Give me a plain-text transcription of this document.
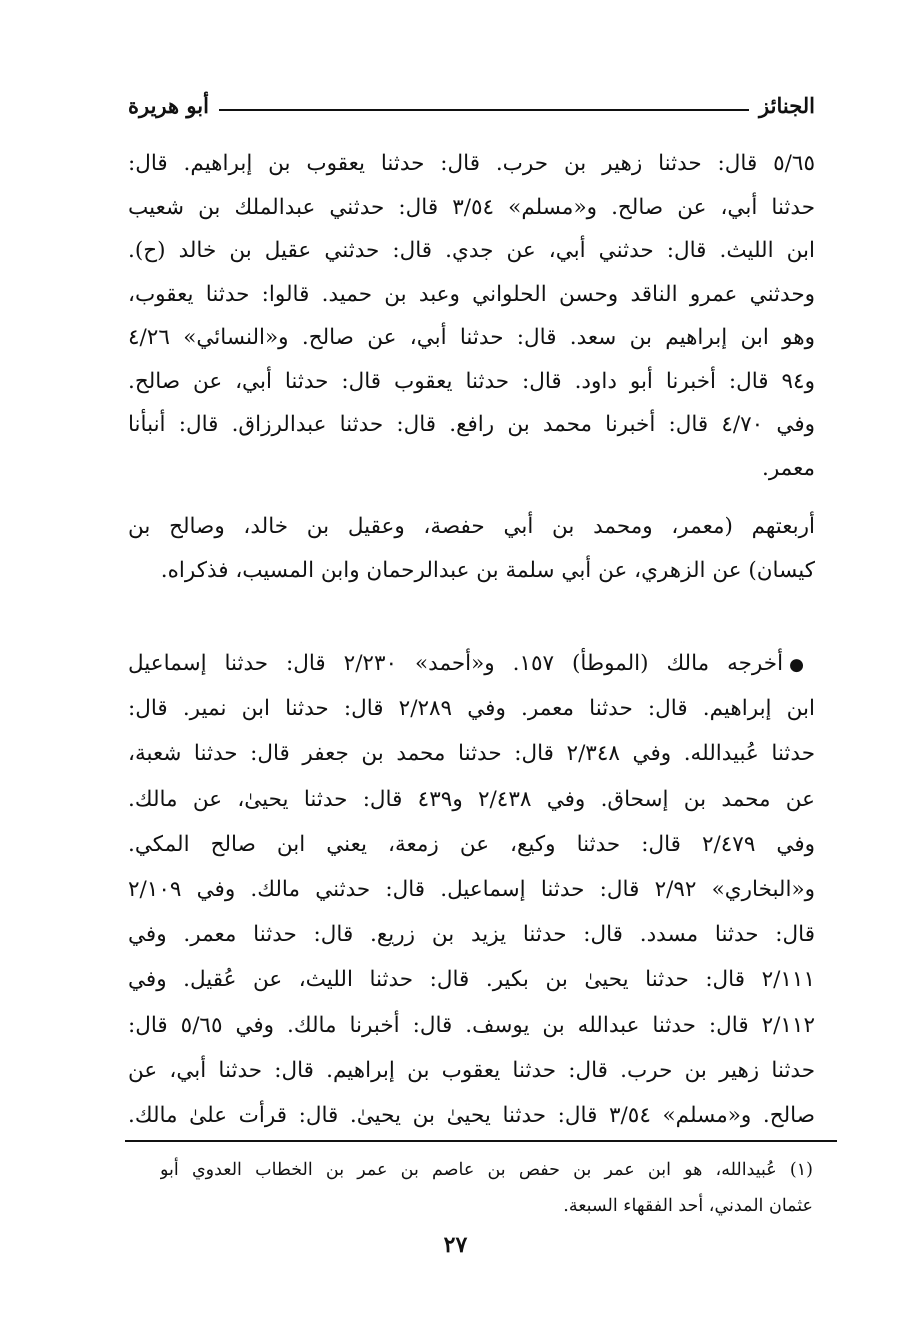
الجنائز
أبو هريرة
٥/٦٥ قال: حدثنا زهير بن حرب. قال: حدثنا يعقوب بن إبراهيم. قال:
حدثنا أبي، عن صالح. و«مسلم» ٣/٥٤ قال: حدثني عبدالملك بن شعيب
ابن الليث. قال: حدثني أبي، عن جدي. قال: حدثني عقيل بن خالد (ح).
وحدثني عمرو الناقد وحسن الحلواني وعبد بن حميد. قالوا: حدثنا يعقوب،
وهو ابن إبراهيم بن سعد. قال: حدثنا أبي، عن صالح. و«النسائي» ٤/٢٦
و٩٤ قال: أخبرنا أبو داود. قال: حدثنا يعقوب قال: حدثنا أبي، عن صالح.
وفي ٤/٧٠ قال: أخبرنا محمد بن رافع. قال: حدثنا عبدالرزاق. قال: أنبأنا
معمر.
أربعتهم (معمر، ومحمد بن أبي حفصة، وعقيل بن خالد، وصالح بن
كيسان) عن الزهري، عن أبي سلمة بن عبدالرحمان وابن المسيب، فذكراه.
●أخرجه مالك (الموطأ) ١٥٧. و«أحمد» ٢/٢٣٠ قال: حدثنا إسماعيل
ابن إبراهيم. قال: حدثنا معمر. وفي ٢/٢٨٩ قال: حدثنا ابن نمير. قال:
حدثنا عُبيدالله. وفي ٢/٣٤٨ قال: حدثنا محمد بن جعفر قال: حدثنا شعبة،
عن محمد بن إسحاق. وفي ٢/٤٣٨ و٤٣٩ قال: حدثنا يحيىٰ، عن مالك.
وفي ٢/٤٧٩ قال: حدثنا وكيع، عن زمعة، يعني ابن صالح المكي.
و«البخاري» ٢/٩٢ قال: حدثنا إسماعيل. قال: حدثني مالك. وفي ٢/١٠٩
قال: حدثنا مسدد. قال: حدثنا يزيد بن زريع. قال: حدثنا معمر. وفي
٢/١١١ قال: حدثنا يحيىٰ بن بكير. قال: حدثنا الليث، عن عُقيل. وفي
٢/١١٢ قال: حدثنا عبدالله بن يوسف. قال: أخبرنا مالك. وفي ٥/٦٥ قال:
حدثنا زهير بن حرب. قال: حدثنا يعقوب بن إبراهيم. قال: حدثنا أبي، عن
صالح. و«مسلم» ٣/٥٤ قال: حدثنا يحيىٰ بن يحيىٰ. قال: قرأت علىٰ مالك.
(١) عُبيدالله، هو ابن عمر بن حفص بن عاصم بن عمر بن الخطاب العدوي أبو
عثمان المدني، أحد الفقهاء السبعة.
٢٧
